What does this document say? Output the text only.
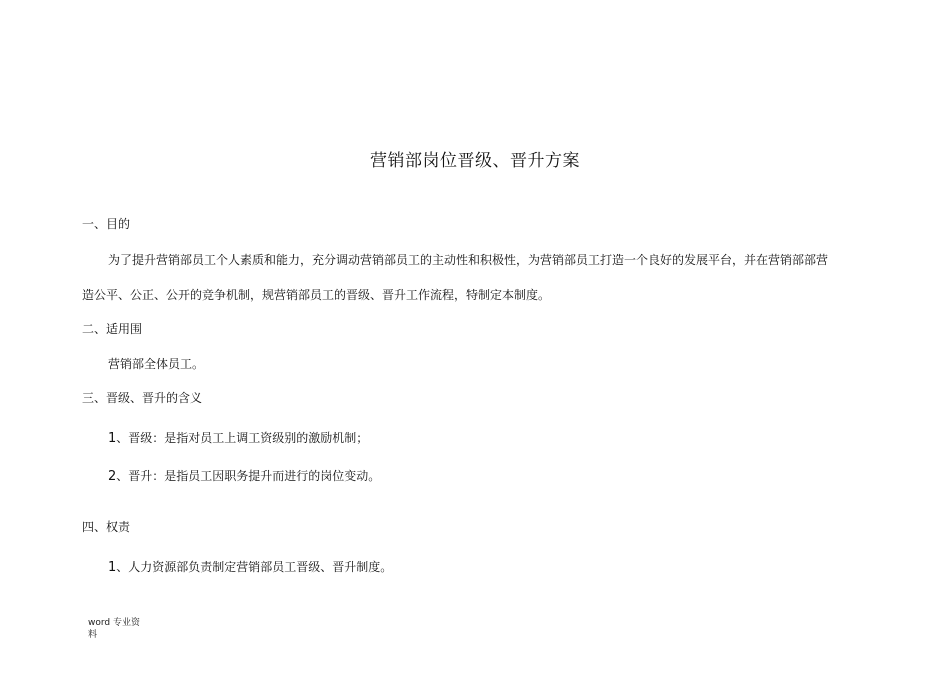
营销部岗位晋级、晋升方案
一、目的
为了提升营销部员工个人素质和能力，充分调动营销部员工的主动性和积极性，为营销部员工打造一个良好的发展平台，并在营销部部营
造公平、公正、公开的竞争机制，规营销部员工的晋级、晋升工作流程，特制定本制度。
二、适用围
营销部全体员工。
三、晋级、晋升的含义
1、晋级：是指对员工上调工资级别的激励机制；
2、晋升：是指员工因职务提升而进行的岗位变动。
四、权责
1、人力资源部负责制定营销部员工晋级、晋升制度。
word 专业资料
